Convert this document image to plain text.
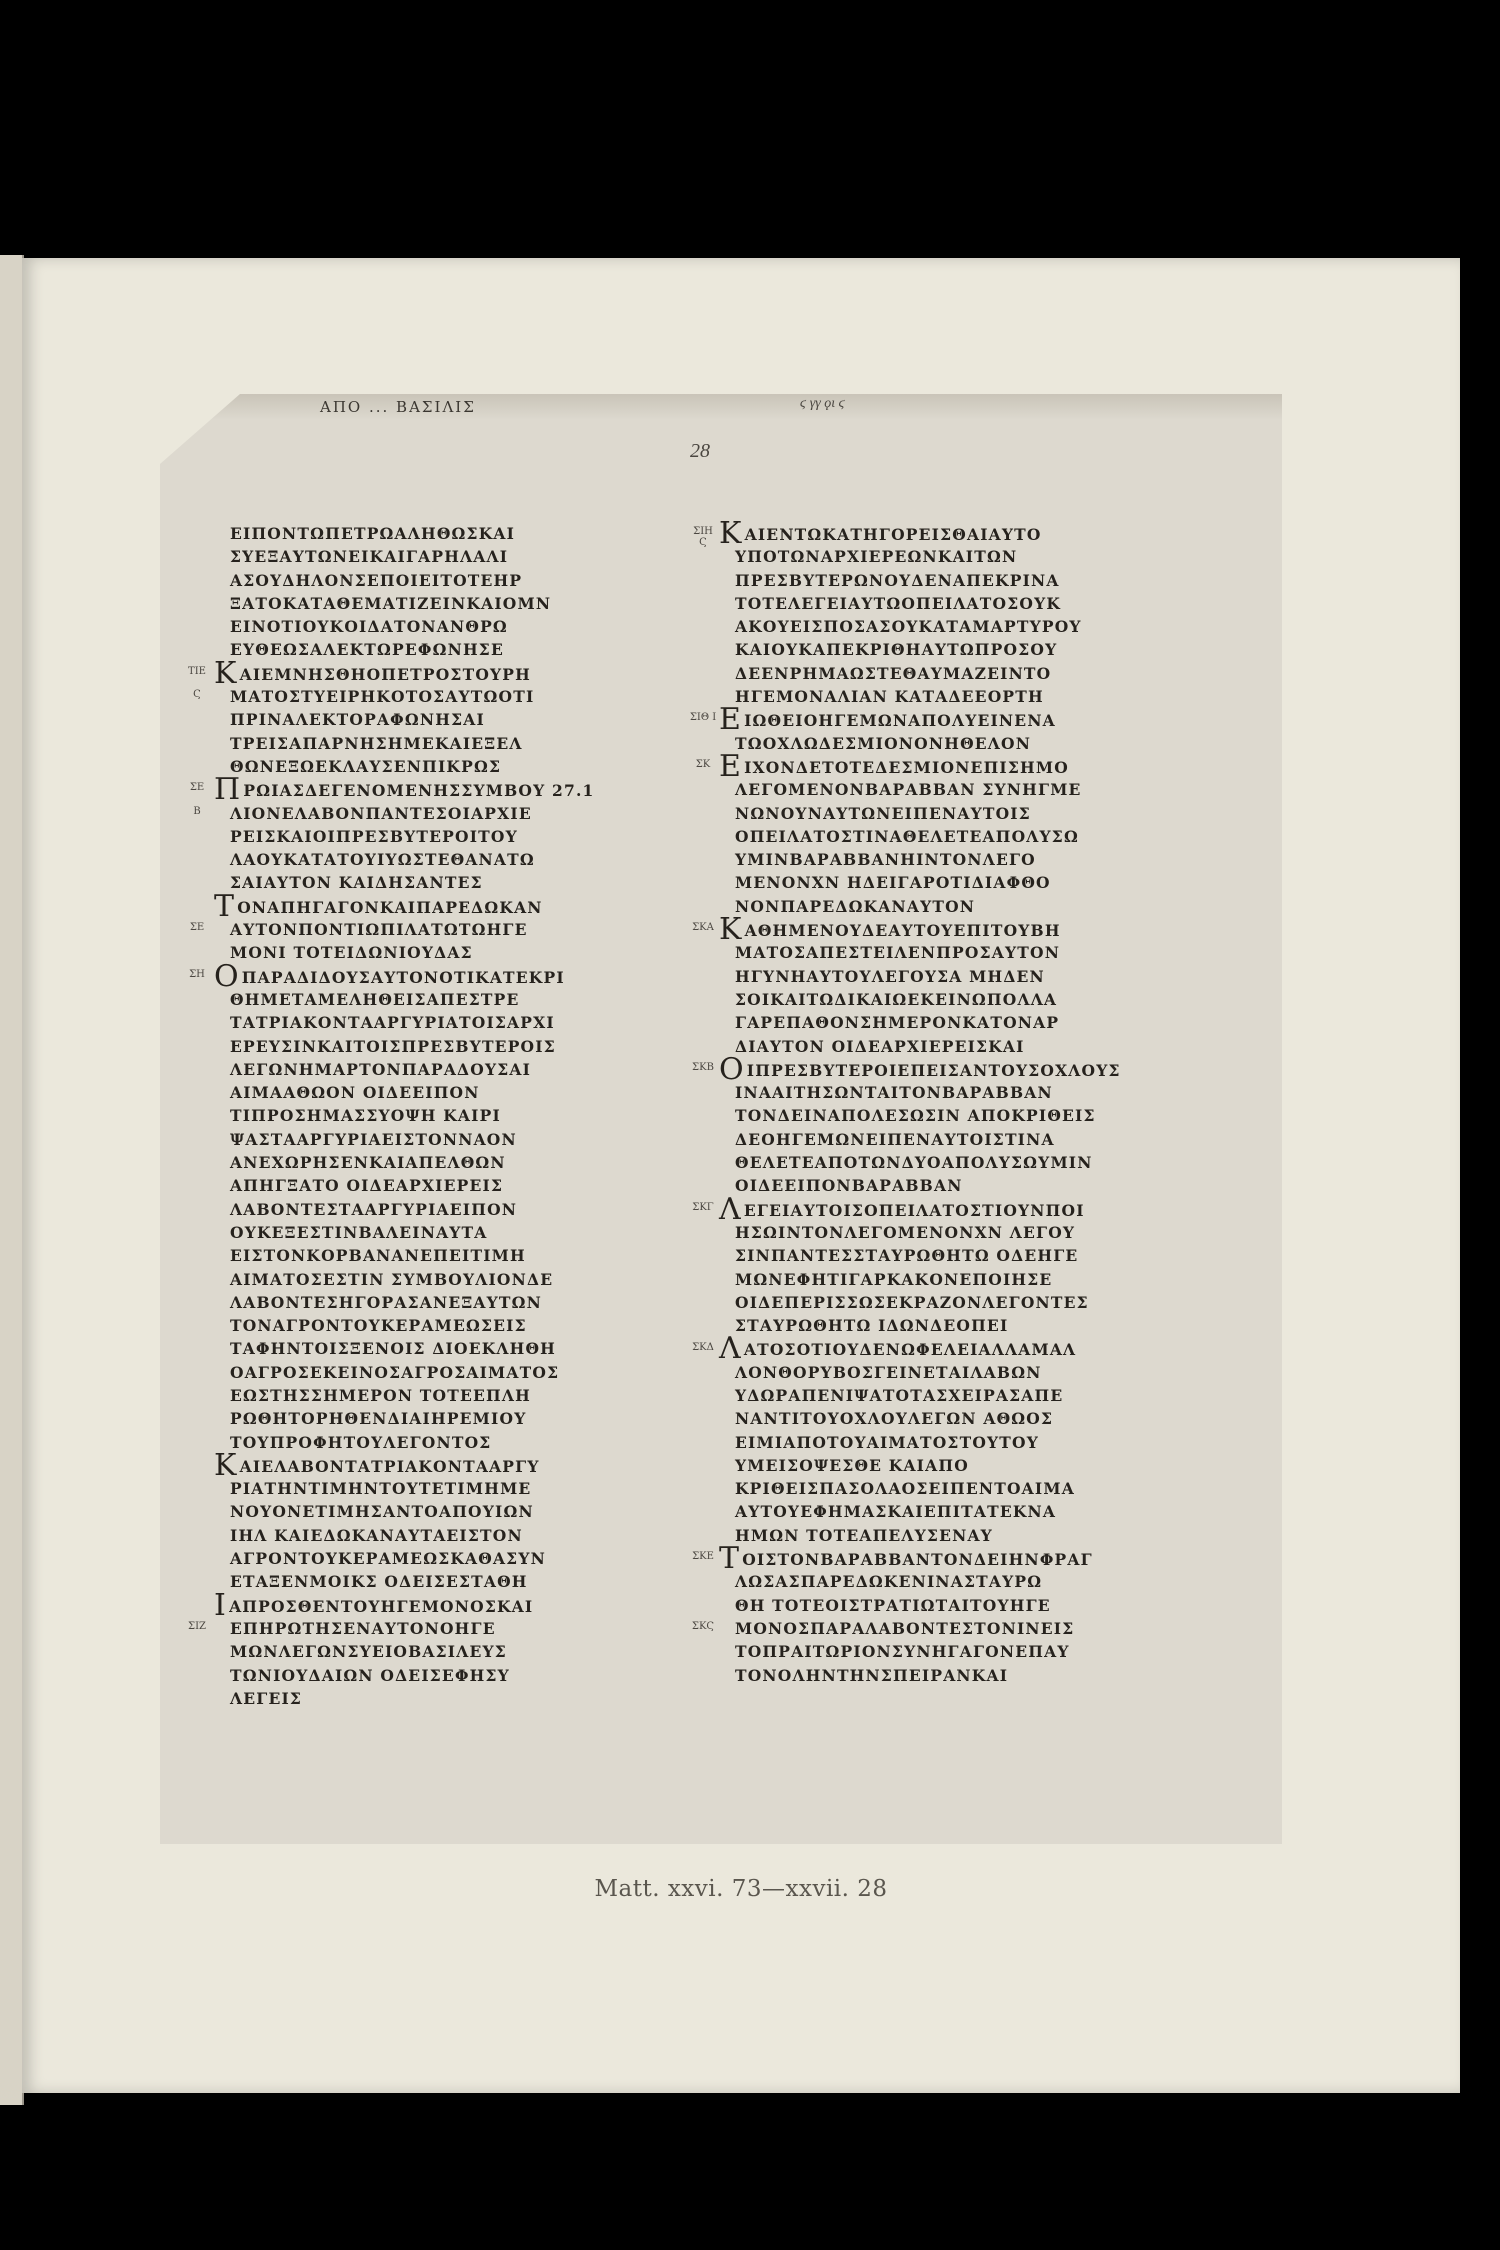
ΑΠΟ ... ΒΑΣΙΛΙΣ	ϛ γγ ϙι ϛ
28
ΕΙΠΟΝΤΩΠΕΤΡΩΑΛΗΘΩΣΚΑΙ
ΣΥΕΞΑΥΤΩΝΕΙΚΑΙΓΑΡΗΛΑΛΙ
ΑΣΟΥΔΗΛΟΝΣΕΠΟΙΕΙΤΟΤΕΗΡ
ΞΑΤΟΚΑΤΑΘΕΜΑΤΙΖΕΙΝΚΑΙΟΜΝ
ΕΙΝΟΤΙΟΥΚΟΙΔΑΤΟΝΑΝΘΡΩ
ΕΥΘΕΩΣΑΛΕΚΤΩΡΕΦΩΝΗΣΕ
ΚΑΙΕΜΝΗΣΘΗΟΠΕΤΡΟΣΤΟΥΡΗ
ΜΑΤΟΣΤΥΕΙΡΗΚΟΤΟΣΑΥΤΩΟΤΙ
ΠΡΙΝΑΛΕΚΤΟΡΑΦΩΝΗΣΑΙ
ΤΡΕΙΣΑΠΑΡΝΗΣΗΜΕΚΑΙΕΞΕΛ
ΘΩΝΕΞΩΕΚΛΑΥΣΕΝΠΙΚΡΩΣ
ΠΡΩΙΑΣΔΕΓΕΝΟΜΕΝΗΣΣΥΜΒΟΥ 27.1
ΛΙΟΝΕΛΑΒΟΝΠΑΝΤΕΣΟΙΑΡΧΙΕ
ΡΕΙΣΚΑΙΟΙΠΡΕΣΒΥΤΕΡΟΙΤΟΥ
ΛΑΟΥΚΑΤΑΤΟΥΙΥΩΣΤΕΘΑΝΑΤΩ
ΣΑΙΑΥΤΟΝ ΚΑΙΔΗΣΑΝΤΕΣ
ΤΟΝΑΠΗΓΑΓΟΝΚΑΙΠΑΡΕΔΩΚΑΝ
ΑΥΤΟΝΠΟΝΤΙΩΠΙΛΑΤΩΤΩΗΓΕ
ΜΟΝΙ ΤΟΤΕΙΔΩΝΙΟΥΔΑΣ
ΟΠΑΡΑΔΙΔΟΥΣΑΥΤΟΝΟΤΙΚΑΤΕΚΡΙ
ΘΗΜΕΤΑΜΕΛΗΘΕΙΣΑΠΕΣΤΡΕ
ΤΑΤΡΙΑΚΟΝΤΑΑΡΓΥΡΙΑΤΟΙΣΑΡΧΙ
ΕΡΕΥΣΙΝΚΑΙΤΟΙΣΠΡΕΣΒΥΤΕΡΟΙΣ
ΛΕΓΩΝΗΜΑΡΤΟΝΠΑΡΑΔΟΥΣΑΙ
ΑΙΜΑΑΘΩΟΝ ΟΙΔΕΕΙΠΟΝ
ΤΙΠΡΟΣΗΜΑΣΣΥΟΨΗ ΚΑΙΡΙ
ΨΑΣΤΑΑΡΓΥΡΙΑΕΙΣΤΟΝΝΑΟΝ
ΑΝΕΧΩΡΗΣΕΝΚΑΙΑΠΕΛΘΩΝ
ΑΠΗΓΞΑΤΟ ΟΙΔΕΑΡΧΙΕΡΕΙΣ
ΛΑΒΟΝΤΕΣΤΑΑΡΓΥΡΙΑΕΙΠΟΝ
ΟΥΚΕΞΕΣΤΙΝΒΑΛΕΙΝΑΥΤΑ
ΕΙΣΤΟΝΚΟΡΒΑΝΑΝΕΠΕΙΤΙΜΗ
ΑΙΜΑΤΟΣΕΣΤΙΝ ΣΥΜΒΟΥΛΙΟΝΔΕ
ΛΑΒΟΝΤΕΣΗΓΟΡΑΣΑΝΕΞΑΥΤΩΝ
ΤΟΝΑΓΡΟΝΤΟΥΚΕΡΑΜΕΩΣΕΙΣ
ΤΑΦΗΝΤΟΙΣΞΕΝΟΙΣ ΔΙΟΕΚΛΗΘΗ
ΟΑΓΡΟΣΕΚΕΙΝΟΣΑΓΡΟΣΑΙΜΑΤΟΣ
ΕΩΣΤΗΣΣΗΜΕΡΟΝ ΤΟΤΕΕΠΛΗ
ΡΩΘΗΤΟΡΗΘΕΝΔΙΑΙΗΡΕΜΙΟΥ
ΤΟΥΠΡΟΦΗΤΟΥΛΕΓΟΝΤΟΣ
ΚΑΙΕΛΑΒΟΝΤΑΤΡΙΑΚΟΝΤΑΑΡΓΥ
ΡΙΑΤΗΝΤΙΜΗΝΤΟΥΤΕΤΙΜΗΜΕ
ΝΟΥΟΝΕΤΙΜΗΣΑΝΤΟΑΠΟΥΙΩΝ
ΙΗΛ ΚΑΙΕΔΩΚΑΝΑΥΤΑΕΙΣΤΟΝ
ΑΓΡΟΝΤΟΥΚΕΡΑΜΕΩΣΚΑΘΑΣΥΝ
ΕΤΑΞΕΝΜΟΙΚΣ ΟΔΕΙΣΕΣΤΑΘΗ
ΙΑΠΡΟΣΘΕΝΤΟΥΗΓΕΜΟΝΟΣΚΑΙ
ΕΠΗΡΩΤΗΣΕΝΑΥΤΟΝΟΗΓΕ
ΜΩΝΛΕΓΩΝΣΥΕΙΟΒΑΣΙΛΕΥΣ
ΤΩΝΙΟΥΔΑΙΩΝ ΟΔΕΙΣΕΦΗΣΥ
ΛΕΓΕΙΣ
ΚΑΙΕΝΤΩΚΑΤΗΓΟΡΕΙΣΘΑΙΑΥΤΟ
ΥΠΟΤΩΝΑΡΧΙΕΡΕΩΝΚΑΙΤΩΝ
ΠΡΕΣΒΥΤΕΡΩΝΟΥΔΕΝΑΠΕΚΡΙΝΑ
ΤΟΤΕΛΕΓΕΙΑΥΤΩΟΠΕΙΛΑΤΟΣΟΥΚ
ΑΚΟΥΕΙΣΠΟΣΑΣΟΥΚΑΤΑΜΑΡΤΥΡΟΥ
ΚΑΙΟΥΚΑΠΕΚΡΙΘΗΑΥΤΩΠΡΟΣΟΥ
ΔΕΕΝΡΗΜΑΩΣΤΕΘΑΥΜΑΖΕΙΝΤΟ
ΗΓΕΜΟΝΑΛΙΑΝ ΚΑΤΑΔΕΕΟΡΤΗ
ΕΙΩΘΕΙΟΗΓΕΜΩΝΑΠΟΛΥΕΙΝΕΝΑ
ΤΩΟΧΛΩΔΕΣΜΙΟΝΟΝΗΘΕΛΟΝ
ΕΙΧΟΝΔΕΤΟΤΕΔΕΣΜΙΟΝΕΠΙΣΗΜΟ
ΛΕΓΟΜΕΝΟΝΒΑΡΑΒΒΑΝ ΣΥΝΗΓΜΕ
ΝΩΝΟΥΝΑΥΤΩΝΕΙΠΕΝΑΥΤΟΙΣ
ΟΠΕΙΛΑΤΟΣΤΙΝΑΘΕΛΕΤΕΑΠΟΛΥΣΩ
ΥΜΙΝΒΑΡΑΒΒΑΝΗΙΝΤΟΝΛΕΓΟ
ΜΕΝΟΝΧΝ ΗΔΕΙΓΑΡΟΤΙΔΙΑΦΘΟ
ΝΟΝΠΑΡΕΔΩΚΑΝΑΥΤΟΝ
ΚΑΘΗΜΕΝΟΥΔΕΑΥΤΟΥΕΠΙΤΟΥΒΗ
ΜΑΤΟΣΑΠΕΣΤΕΙΛΕΝΠΡΟΣΑΥΤΟΝ
ΗΓΥΝΗΑΥΤΟΥΛΕΓΟΥΣΑ ΜΗΔΕΝ
ΣΟΙΚΑΙΤΩΔΙΚΑΙΩΕΚΕΙΝΩΠΟΛΛΑ
ΓΑΡΕΠΑΘΟΝΣΗΜΕΡΟΝΚΑΤΟΝΑΡ
ΔΙΑΥΤΟΝ ΟΙΔΕΑΡΧΙΕΡΕΙΣΚΑΙ
ΟΙΠΡΕΣΒΥΤΕΡΟΙΕΠΕΙΣΑΝΤΟΥΣΟΧΛΟΥΣ
ΙΝΑΑΙΤΗΣΩΝΤΑΙΤΟΝΒΑΡΑΒΒΑΝ
ΤΟΝΔΕΙΝΑΠΟΛΕΣΩΣΙΝ ΑΠΟΚΡΙΘΕΙΣ
ΔΕΟΗΓΕΜΩΝΕΙΠΕΝΑΥΤΟΙΣΤΙΝΑ
ΘΕΛΕΤΕΑΠΟΤΩΝΔΥΟΑΠΟΛΥΣΩΥΜΙΝ
ΟΙΔΕΕΙΠΟΝΒΑΡΑΒΒΑΝ
ΛΕΓΕΙΑΥΤΟΙΣΟΠΕΙΛΑΤΟΣΤΙΟΥΝΠΟΙ
ΗΣΩΙΝΤΟΝΛΕΓΟΜΕΝΟΝΧΝ ΛΕΓΟΥ
ΣΙΝΠΑΝΤΕΣΣΤΑΥΡΩΘΗΤΩ ΟΔΕΗΓΕ
ΜΩΝΕΦΗΤΙΓΑΡΚΑΚΟΝΕΠΟΙΗΣΕ
ΟΙΔΕΠΕΡΙΣΣΩΣΕΚΡΑΖΟΝΛΕΓΟΝΤΕΣ
ΣΤΑΥΡΩΘΗΤΩ ΙΔΩΝΔΕΟΠΕΙ
ΛΑΤΟΣΟΤΙΟΥΔΕΝΩΦΕΛΕΙΑΛΛΑΜΑΛ
ΛΟΝΘΟΡΥΒΟΣΓΕΙΝΕΤΑΙΛΑΒΩΝ
ΥΔΩΡΑΠΕΝΙΨΑΤΟΤΑΣΧΕΙΡΑΣΑΠΕ
ΝΑΝΤΙΤΟΥΟΧΛΟΥΛΕΓΩΝ ΑΘΩΟΣ
ΕΙΜΙΑΠΟΤΟΥΑΙΜΑΤΟΣΤΟΥΤΟΥ
ΥΜΕΙΣΟΨΕΣΘΕ ΚΑΙΑΠΟ
ΚΡΙΘΕΙΣΠΑΣΟΛΑΟΣΕΙΠΕΝΤΟΑΙΜΑ
ΑΥΤΟΥΕΦΗΜΑΣΚΑΙΕΠΙΤΑΤΕΚΝΑ
ΗΜΩΝ ΤΟΤΕΑΠΕΛΥΣΕΝΑΥ
ΤΟΙΣΤΟΝΒΑΡΑΒΒΑΝΤΟΝΔΕΙΗΝΦΡΑΓ
ΛΩΣΑΣΠΑΡΕΔΩΚΕΝΙΝΑΣΤΑΥΡΩ
ΘΗ ΤΟΤΕΟΙΣΤΡΑΤΙΩΤΑΙΤΟΥΗΓΕ
ΜΟΝΟΣΠΑΡΑΛΑΒΟΝΤΕΣΤΟΝΙΝΕΙΣ
ΤΟΠΡΑΙΤΩΡΙΟΝΣΥΝΗΓΑΓΟΝΕΠΑΥ
ΤΟΝΟΛΗΝΤΗΝΣΠΕΙΡΑΝΚΑΙ
ΤΙΕ
Ϛ
ΣΕ
Β
ΣΕ
ΣΗ
ΣΙΖ
ΣΙΗ Ϛ
ΣΙΘ Ι
ΣΚ
ΣΚΑ
ΣΚΒ
ΣΚΓ
ΣΚΔ
ΣΚΕ
ΣΚϚ
Matt. xxvi. 73—xxvii. 28
